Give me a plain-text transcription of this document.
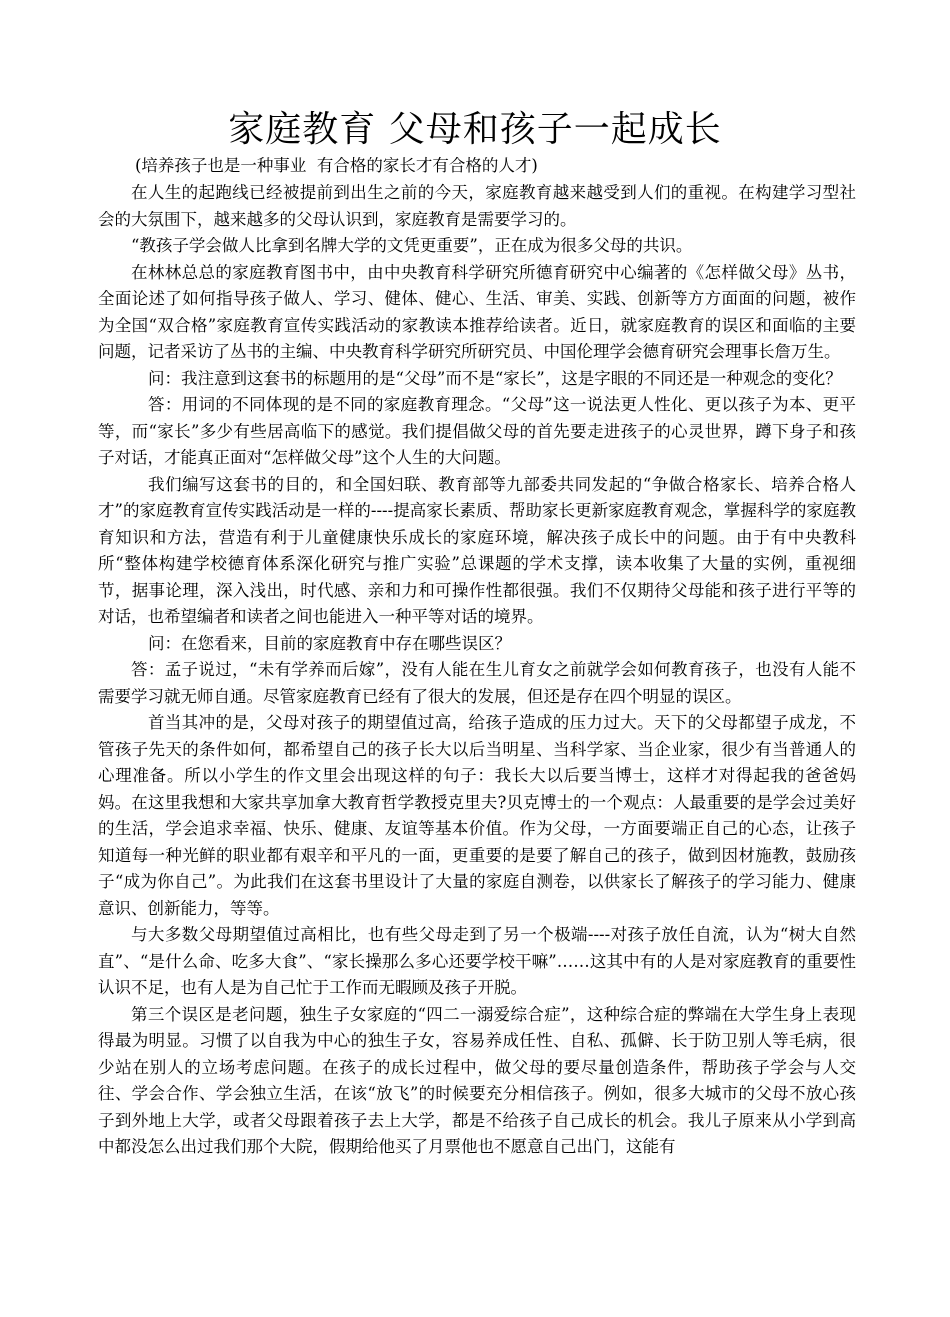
家庭教育 父母和孩子一起成长

(培养孩子也是一种事业  有合格的家长才有合格的人才)

在人生的起跑线已经被提前到出生之前的今天，家庭教育越来越受到人们的重视。在构建学习型社会的大氛围下，越来越多的父母认识到，家庭教育是需要学习的。

“教孩子学会做人比拿到名牌大学的文凭更重要”，正在成为很多父母的共识。

在林林总总的家庭教育图书中，由中央教育科学研究所德育研究中心编著的《怎样做父母》丛书，全面论述了如何指导孩子做人、学习、健体、健心、生活、审美、实践、创新等方方面面的问题，被作为全国“双合格”家庭教育宣传实践活动的家教读本推荐给读者。近日，就家庭教育的误区和面临的主要问题，记者采访了丛书的主编、中央教育科学研究所研究员、中国伦理学会德育研究会理事长詹万生。

问：我注意到这套书的标题用的是“父母”而不是“家长”，这是字眼的不同还是一种观念的变化？

答：用词的不同体现的是不同的家庭教育理念。“父母”这一说法更人性化、更以孩子为本、更平等，而“家长”多少有些居高临下的感觉。我们提倡做父母的首先要走进孩子的心灵世界，蹲下身子和孩子对话，才能真正面对“怎样做父母”这个人生的大问题。

我们编写这套书的目的，和全国妇联、教育部等九部委共同发起的“争做合格家长、培养合格人才”的家庭教育宣传实践活动是一样的----提高家长素质、帮助家长更新家庭教育观念，掌握科学的家庭教育知识和方法，营造有利于儿童健康快乐成长的家庭环境，解决孩子成长中的问题。由于有中央教科所“整体构建学校德育体系深化研究与推广实验”总课题的学术支撑，读本收集了大量的实例，重视细节，据事论理，深入浅出，时代感、亲和力和可操作性都很强。我们不仅期待父母能和孩子进行平等的对话，也希望编者和读者之间也能进入一种平等对话的境界。

问：在您看来，目前的家庭教育中存在哪些误区？

答：孟子说过，“未有学养而后嫁”，没有人能在生儿育女之前就学会如何教育孩子，也没有人能不需要学习就无师自通。尽管家庭教育已经有了很大的发展，但还是存在四个明显的误区。

首当其冲的是，父母对孩子的期望值过高，给孩子造成的压力过大。天下的父母都望子成龙，不管孩子先天的条件如何，都希望自己的孩子长大以后当明星、当科学家、当企业家，很少有当普通人的心理准备。所以小学生的作文里会出现这样的句子：我长大以后要当博士，这样才对得起我的爸爸妈妈。在这里我想和大家共享加拿大教育哲学教授克里夫?贝克博士的一个观点：人最重要的是学会过美好的生活，学会追求幸福、快乐、健康、友谊等基本价值。作为父母，一方面要端正自己的心态，让孩子知道每一种光鲜的职业都有艰辛和平凡的一面，更重要的是要了解自己的孩子，做到因材施教，鼓励孩子“成为你自己”。为此我们在这套书里设计了大量的家庭自测卷，以供家长了解孩子的学习能力、健康意识、创新能力，等等。

与大多数父母期望值过高相比，也有些父母走到了另一个极端----对孩子放任自流，认为“树大自然直”、“是什么命、吃多大食”、“家长操那么多心还要学校干嘛”……这其中有的人是对家庭教育的重要性认识不足，也有人是为自己忙于工作而无暇顾及孩子开脱。

第三个误区是老问题，独生子女家庭的“四二一溺爱综合症”，这种综合症的弊端在大学生身上表现得最为明显。习惯了以自我为中心的独生子女，容易养成任性、自私、孤僻、长于防卫别人等毛病，很少站在别人的立场考虑问题。在孩子的成长过程中，做父母的要尽量创造条件，帮助孩子学会与人交往、学会合作、学会独立生活，在该“放飞”的时候要充分相信孩子。例如，很多大城市的父母不放心孩子到外地上大学，或者父母跟着孩子去上大学，都是不给孩子自己成长的机会。我儿子原来从小学到高中都没怎么出过我们那个大院，假期给他买了月票他也不愿意自己出门，这能有
